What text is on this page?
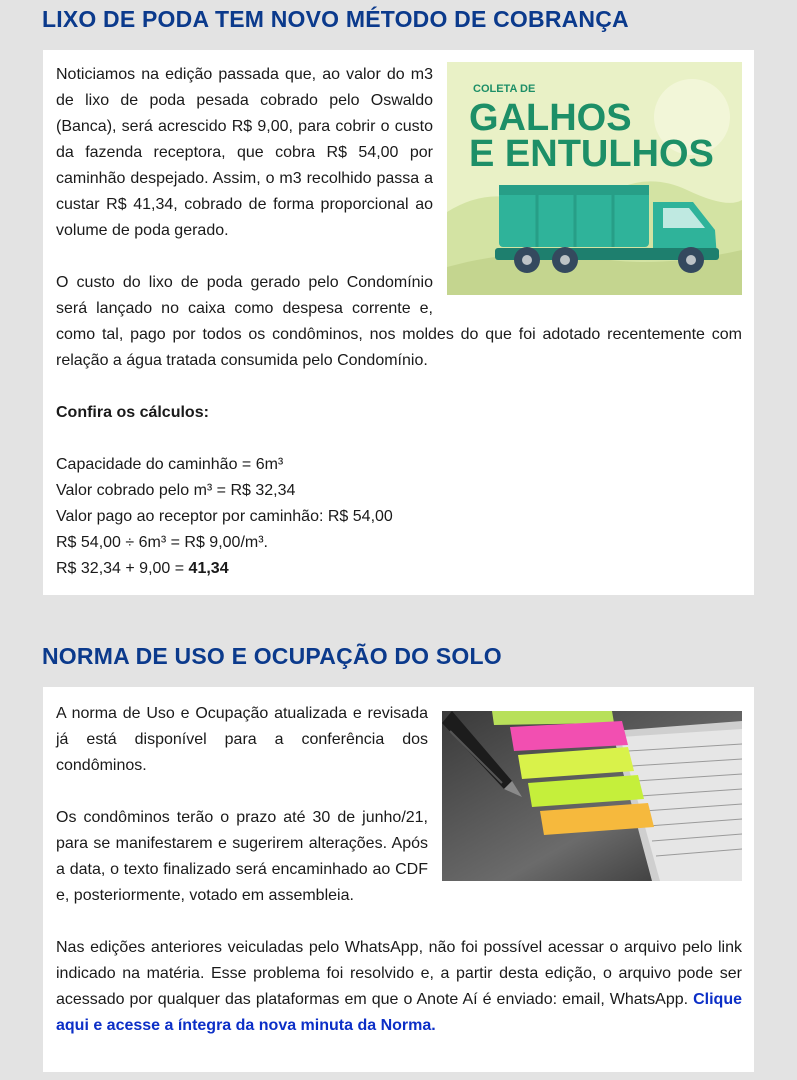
LIXO DE PODA TEM NOVO MÉTODO DE COBRANÇA
COLETA DE
GALHOS
E ENTULHOS

Noticiamos na edição passada que, ao valor do m3 de lixo de poda pesada cobrado pelo Oswaldo (Banca), será acrescido R$ 9,00, para cobrir o custo da fazenda receptora, que cobra R$ 54,00 por caminhão despejado. Assim, o m3 recolhido passa a custar R$ 41,34, cobrado de forma proporcional ao volume de poda gerado.

O custo do lixo de poda gerado pelo Condomínio será lançado no caixa como despesa corrente e, como tal, pago por todos os condôminos, nos moldes do que foi adotado recentemente com relação a água tratada consumida pelo Condomínio.

Confira os cálculos:

Capacidade do caminhão = 6m³
Valor cobrado pelo m³ = R$ 32,34
Valor pago ao receptor por caminhão: R$ 54,00
R$ 54,00 ÷ 6m³ = R$ 9,00/m³.
R$ 32,34 + 9,00 = 41,34
NORMA DE USO E OCUPAÇÃO DO SOLO

A norma de Uso e Ocupação atualizada e revisada já está disponível para a conferência dos condôminos.

Os condôminos terão o prazo até 30 de junho/21, para se manifestarem e sugerirem alterações. Após a data, o texto finalizado será encaminhado ao CDF e, posteriormente, votado em assembleia.

Nas edições anteriores veiculadas pelo WhatsApp, não foi possível acessar o arquivo pelo link indicado na matéria. Esse problema foi resolvido e, a partir desta edição, o arquivo pode ser acessado por qualquer das plataformas em que o Anote Aí é enviado: email, WhatsApp. Clique aqui e acesse a íntegra da nova minuta da Norma.
